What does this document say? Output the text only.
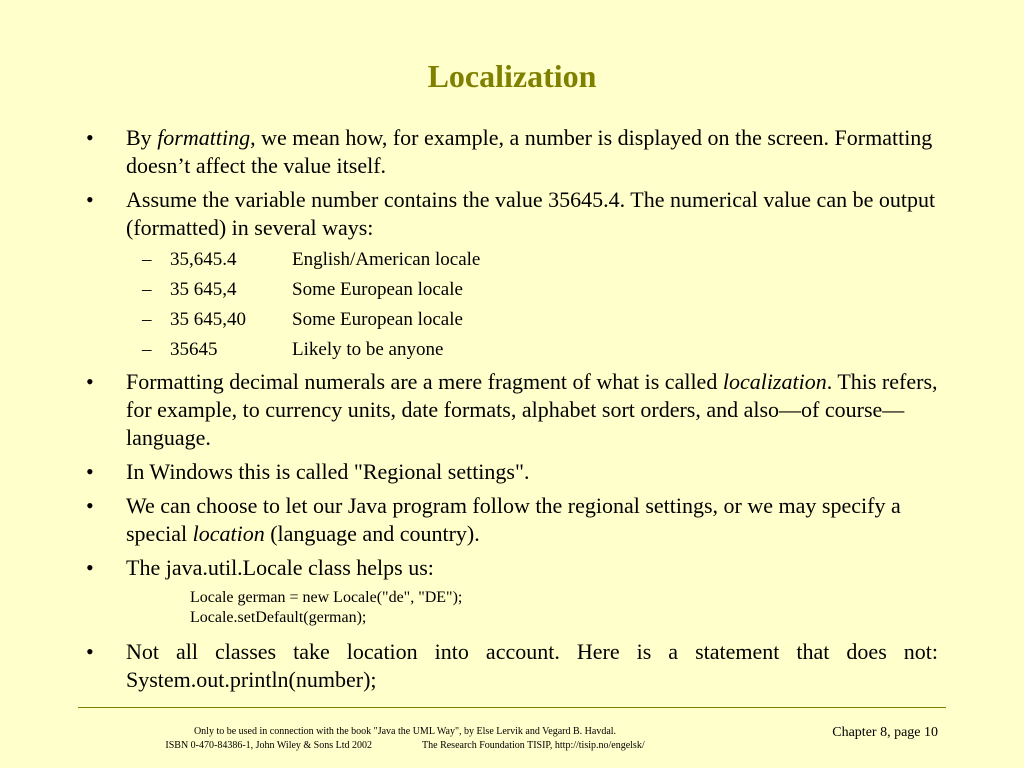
Localization
• By formatting, we mean how, for example, a number is displayed on the screen. Formatting doesn’t affect the value itself.
• Assume the variable number contains the value 35645.4. The numerical value can be output (formatted) in several ways:
– 35,645.4	English/American locale
– 35 645,4	Some European locale
– 35 645,40 Some European locale
– 35645	Likely to be anyone
• Formatting decimal numerals are a mere fragment of what is called localization. This refers, for example, to currency units, date formats, alphabet sort orders, and also—of course—language.
• In Windows this is called "Regional settings".
• We can choose to let our Java program follow the regional settings, or we may specify a special location (language and country).
• The java.util.Locale class helps us:
Locale german = new Locale("de", "DE");
Locale.setDefault(german);
• Not all classes take location into account. Here is a statement that does not: System.out.println(number);
Only to be used in connection with the book "Java the UML Way", by Else Lervik and Vegard B. Havdal.
ISBN 0-470-84386-1, John Wiley & Sons Ltd 2002	The Research Foundation TISIP, http://tisip.no/engelsk/
Chapter 8, page 10
